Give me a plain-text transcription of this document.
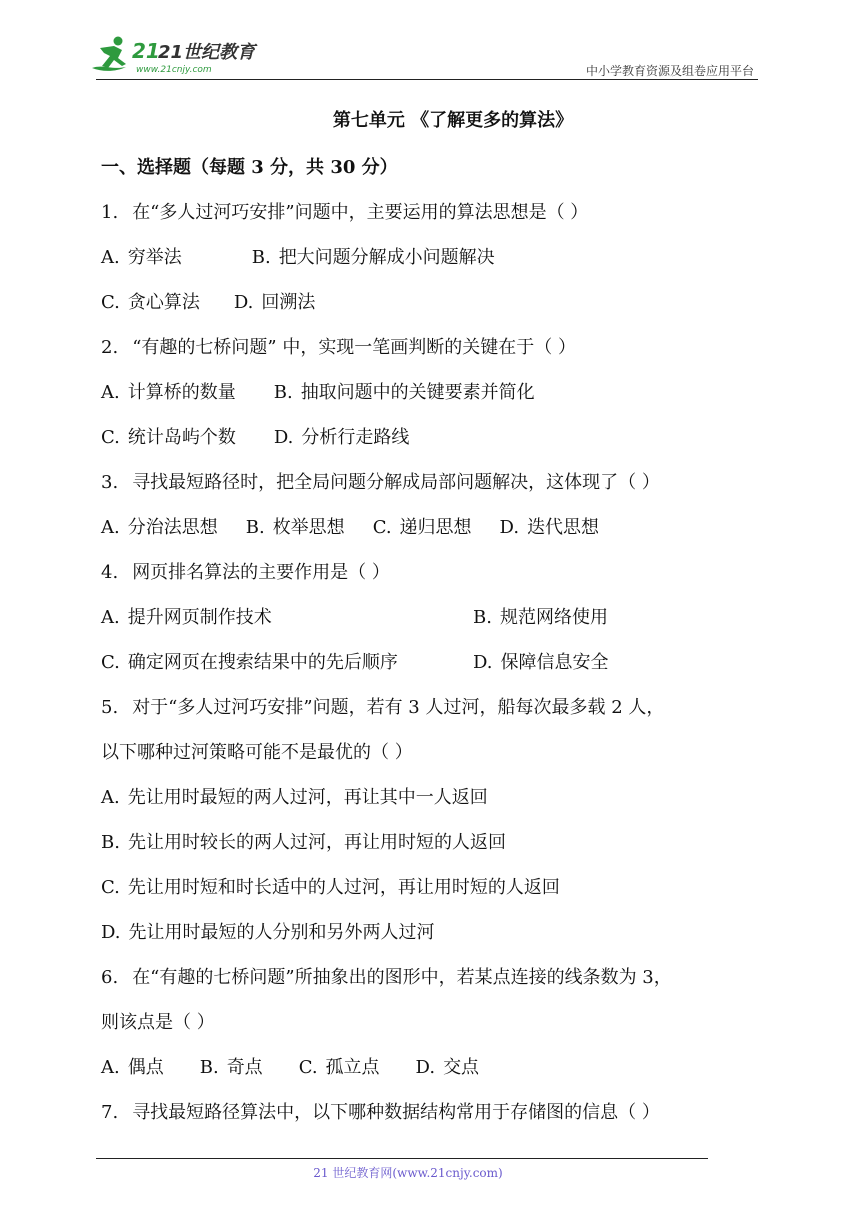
21
21世纪教育
www.21cnjy.com	中小学教育资源及组卷应用平台
第七单元 《了解更多的算法》
一、选择题（每题 3 分，共 30 分）
1. 在“多人过河巧安排”问题中，主要运用的算法思想是（ ）
A. 穷举法	B. 把大问题分解成小问题解决
C. 贪心算法 D. 回溯法
2. “有趣的七桥问题” 中，实现一笔画判断的关键在于（ ）
A. 计算桥的数量 B. 抽取问题中的关键要素并简化
C. 统计岛屿个数 D. 分析行走路线
3. 寻找最短路径时，把全局问题分解成局部问题解决，这体现了（ ）
A. 分治法思想 B. 枚举思想 C. 递归思想 D. 迭代思想
4. 网页排名算法的主要作用是（ ）
A. 提升网页制作技术	B. 规范网络使用
C. 确定网页在搜索结果中的先后顺序	D. 保障信息安全
5. 对于“多人过河巧安排”问题，若有 3 人过河，船每次最多载 2 人，
以下哪种过河策略可能不是最优的（ ）
A. 先让用时最短的两人过河，再让其中一人返回
B. 先让用时较长的两人过河，再让用时短的人返回
C. 先让用时短和时长适中的人过河，再让用时短的人返回
D. 先让用时最短的人分别和另外两人过河
6. 在“有趣的七桥问题”所抽象出的图形中，若某点连接的线条数为 3，
则该点是（ ）
A. 偶点 B. 奇点 C. 孤立点 D. 交点
7. 寻找最短路径算法中，以下哪种数据结构常用于存储图的信息（ ）
21 世纪教育网(www.21cnjy.com)
